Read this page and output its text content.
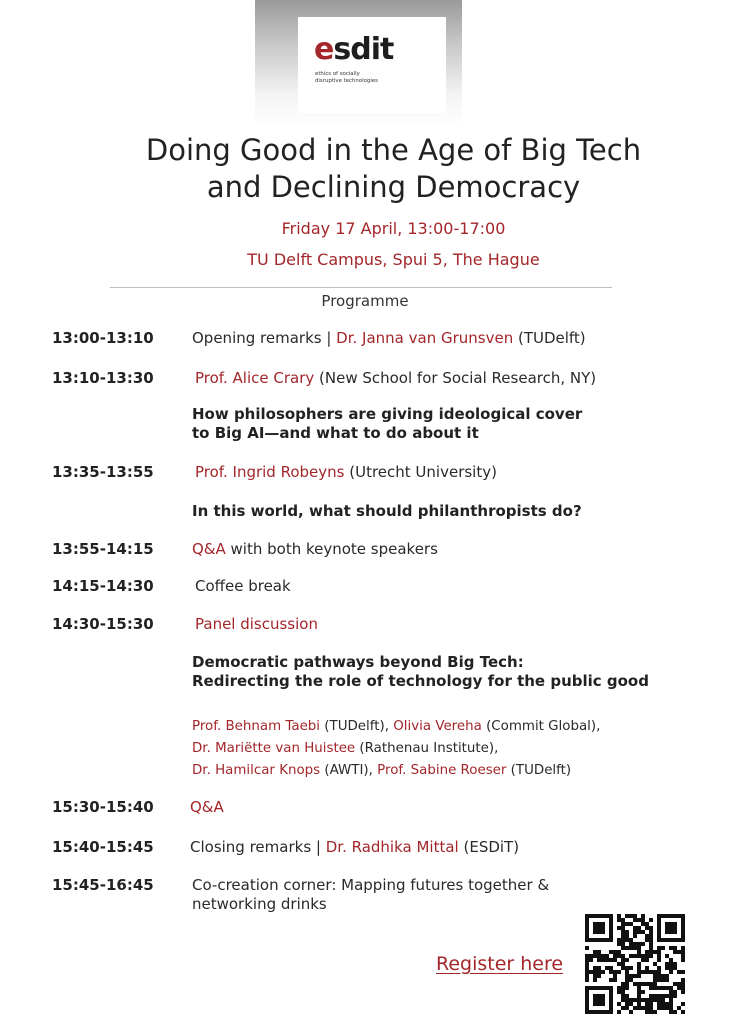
esdit
ethics of socially
disruptive technologies
Doing Good in the Age of Big Tech
and Declining Democracy
Friday 17 April, 13:00-17:00
TU Delft Campus, Spui 5, The Hague
Programme
13:00-13:10	Opening remarks | Dr. Janna van Grunsven (TUDelft)
13:10-13:30	Prof. Alice Crary (New School for Social Research, NY)
How philosophers are giving ideological cover
to Big AI—and what to do about it
13:35-13:55	Prof. Ingrid Robeyns (Utrecht University)
In this world, what should philanthropists do?
13:55-14:15	Q&A with both keynote speakers
14:15-14:30	Coffee break
14:30-15:30	Panel discussion
Democratic pathways beyond Big Tech:
Redirecting the role of technology for the public good
Prof. Behnam Taebi (TUDelft), Olivia Vereha (Commit Global),
Dr. Mariëtte van Huistee (Rathenau Institute),
Dr. Hamilcar Knops (AWTI), Prof. Sabine Roeser (TUDelft)
15:30-15:40 Q&A
15:40-15:45 Closing remarks | Dr. Radhika Mittal (ESDiT)
15:45-16:45	Co-creation corner: Mapping futures together &
networking drinks
Register here
